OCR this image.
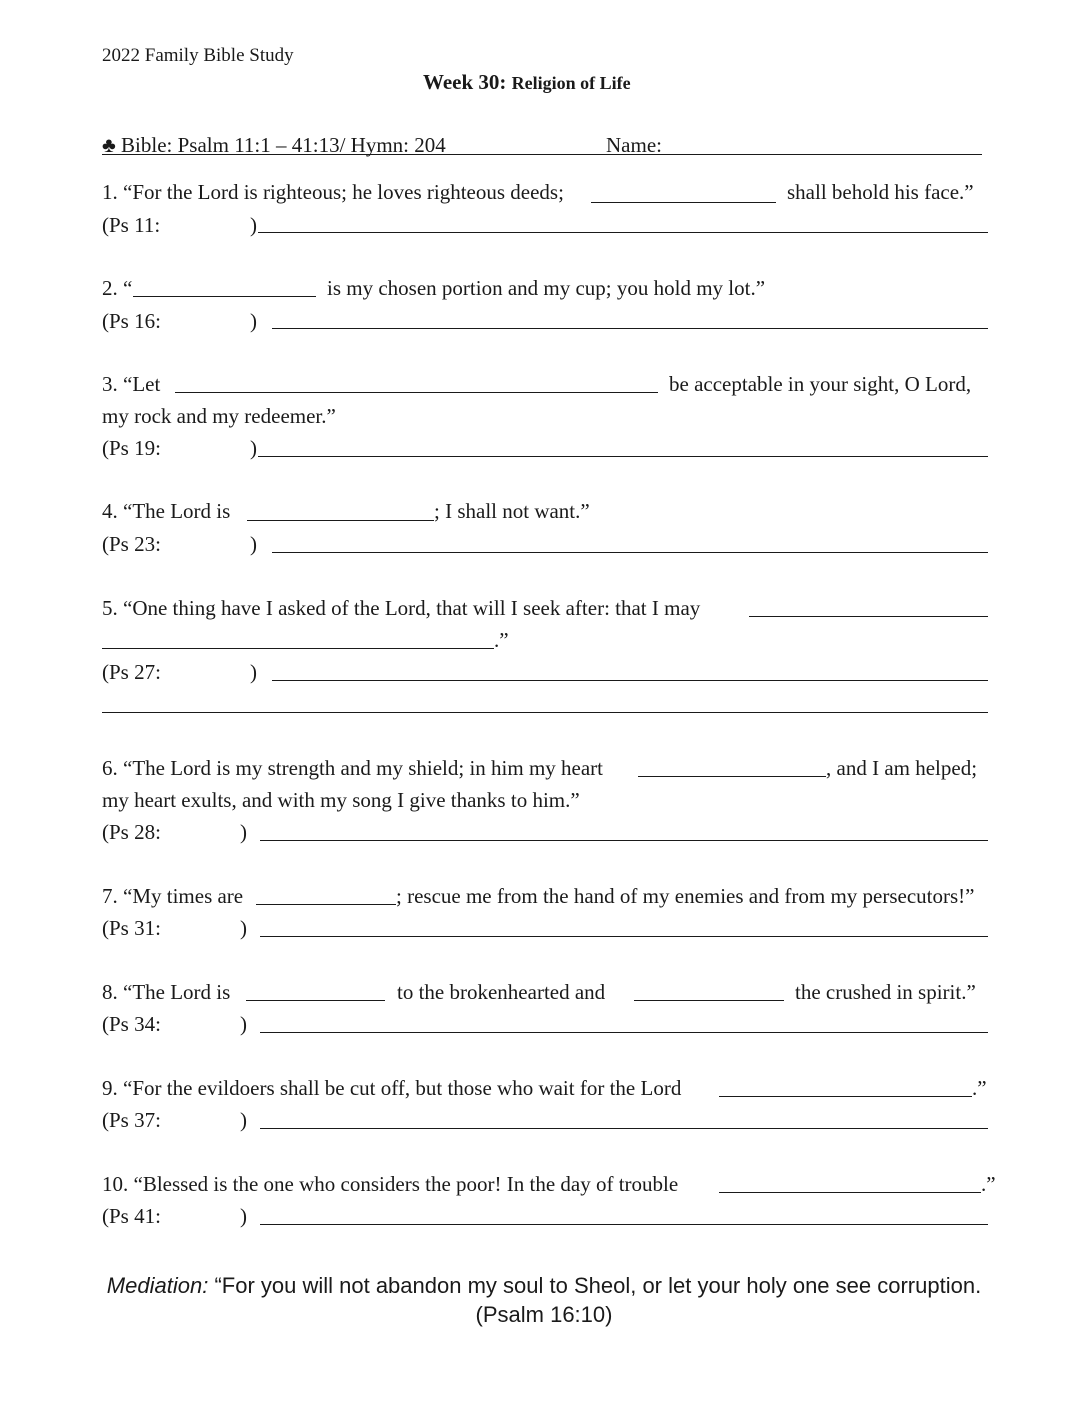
2022 Family Bible Study
Week 30: Religion of Life
♣ Bible: Psalm 11:1 – 41:13/ Hymn: 204	Name:
1. “For the Lord is righteous; he loves righteous deeds;	shall behold his face.”
(Ps 11:	)
2. “	is my chosen portion and my cup; you hold my lot.”
(Ps 16:	)
3. “Let	be acceptable in your sight, O Lord,
my rock and my redeemer.”
(Ps 19:	)
4. “The Lord is	; I shall not want.”
(Ps 23:	)
5. “One thing have I asked of the Lord, that will I seek after: that I may
.”
(Ps 27:	)
6. “The Lord is my strength and my shield; in him my heart	, and I am helped;
my heart exults, and with my song I give thanks to him.”
(Ps 28:	)
7. “My times are	; rescue me from the hand of my enemies and from my persecutors!”
(Ps 31:	)
8. “The Lord is	to the brokenhearted and	the crushed in spirit.”
(Ps 34:	)
9. “For the evildoers shall be cut off, but those who wait for the Lord	.”
(Ps 37:	)
10. “Blessed is the one who considers the poor! In the day of trouble	.”
(Ps 41:	)
Mediation: “For you will not abandon my soul to Sheol, or let your holy one see corruption.
(Psalm 16:10)
